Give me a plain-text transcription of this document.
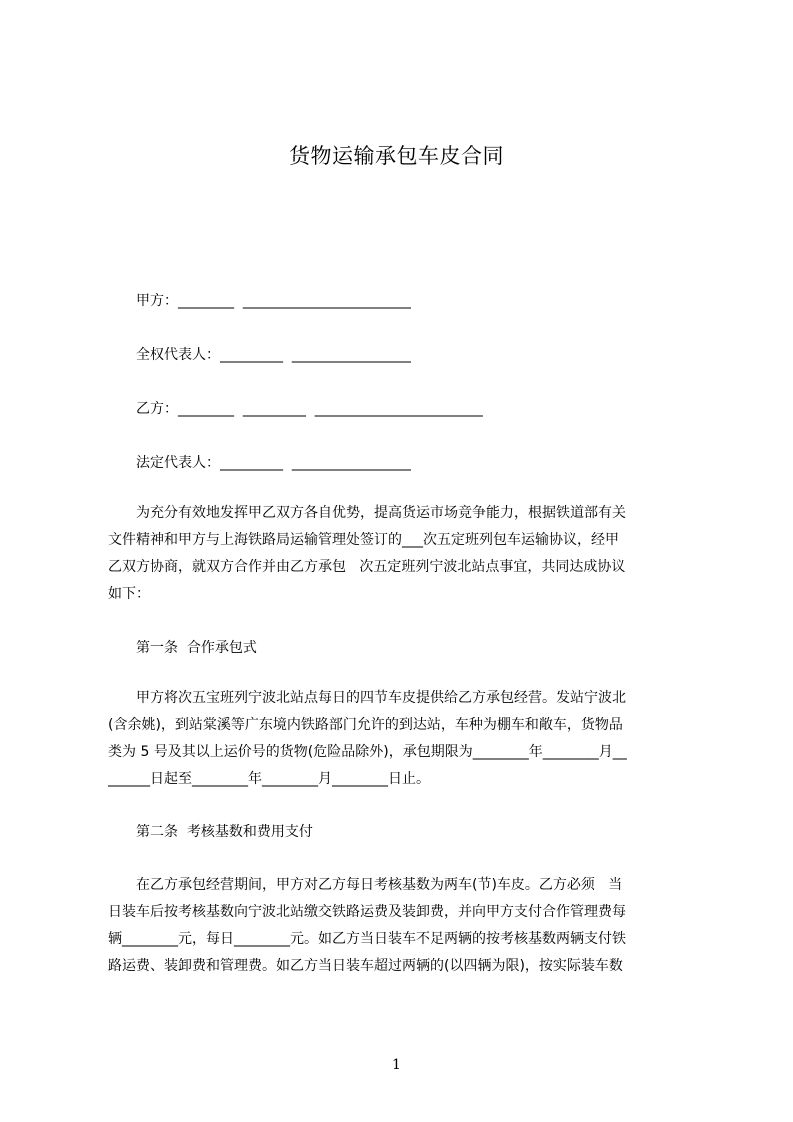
货物运输承包车皮合同
甲方：________  ________________________
全权代表人：_________  _________________
乙方：________  _________  ________________________
法定代表人：_________  _________________
为充分有效地发挥甲乙双方各自优势，提高货运市场竞争能力，根据铁道部有关
文件精神和甲方与上海铁路局运输管理处签订的___次五定班列包车运输协议，经甲
乙双方协商，就双方合作并由乙方承包   次五定班列宁波北站点事宜，共同达成协议
如下：
第一条  合作承包式
甲方将次五宝班列宁波北站点每日的四节车皮提供给乙方承包经营。发站宁波北
(含余姚)，到站棠溪等广东境内铁路部门允许的到达站，车种为棚车和敞车，货物品
类为 5 号及其以上运价号的货物(危险品除外)，承包期限为________年________月__
______日起至________年________月________日止。
第二条  考核基数和费用支付
在乙方承包经营期间，甲方对乙方每日考核基数为两车(节)车皮。乙方必须   当
日装车后按考核基数向宁波北站缴交铁路运费及装卸费，并向甲方支付合作管理费每
辆________元，每日________元。如乙方当日装车不足两辆的按考核基数两辆支付铁
路运费、装卸费和管理费。如乙方当日装车超过两辆的(以四辆为限)，按实际装车数
1
